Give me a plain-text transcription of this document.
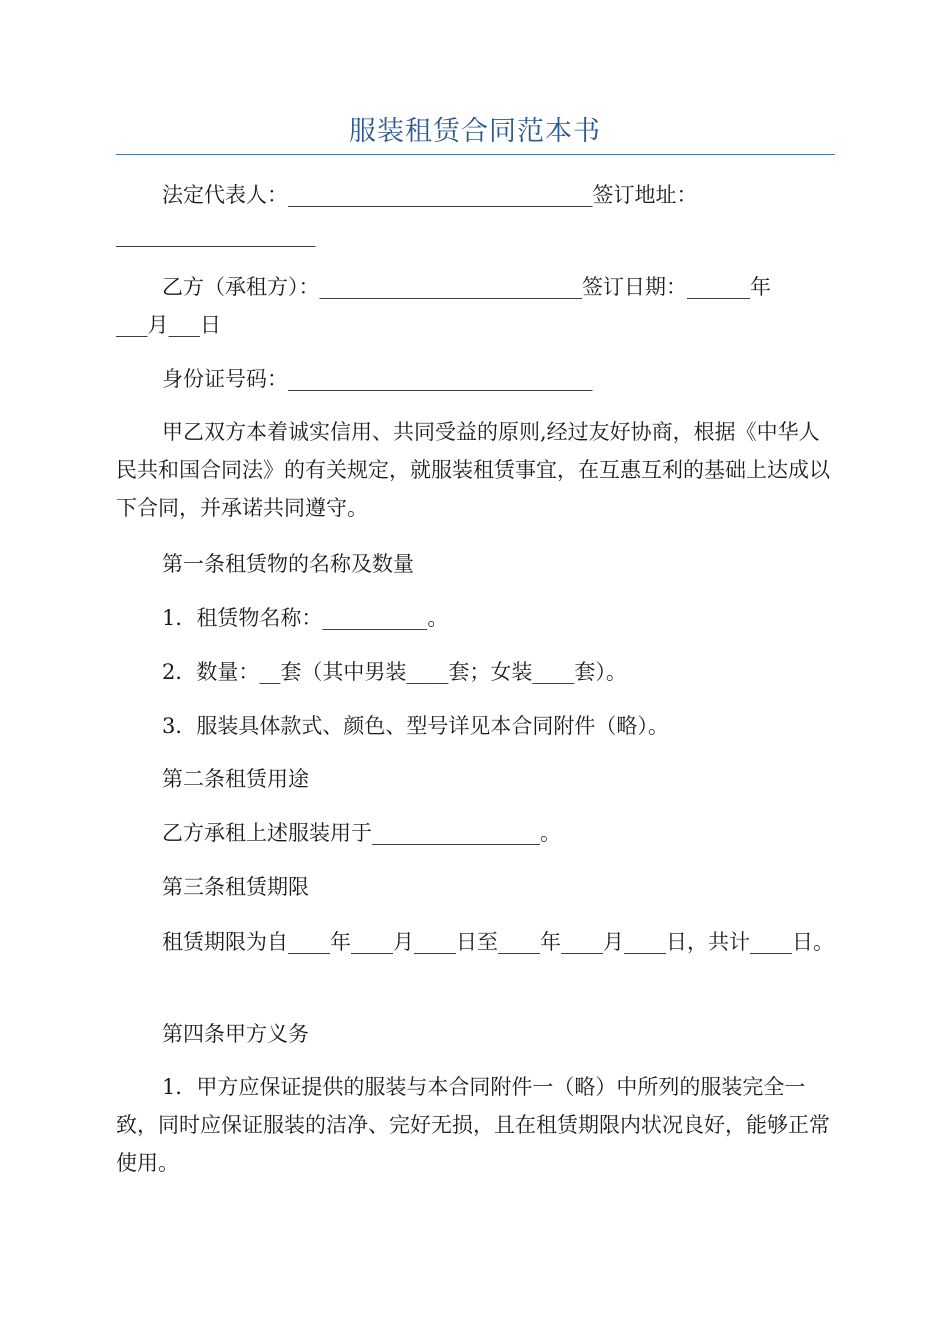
服装租赁合同范本书
法定代表人：_____________________________签订地址：
___________________
乙方（承租方）：_________________________签订日期：______年
___月___日
身份证号码：_____________________________
甲乙双方本着诚实信用、共同受益的原则,经过友好协商，根据《中华人民共和国合同法》的有关规定，就服装租赁事宜，在互惠互利的基础上达成以下合同，并承诺共同遵守。
第一条租赁物的名称及数量
1．租赁物名称：__________。
2．数量：__套（其中男装____套；女装____套）。
3．服装具体款式、颜色、型号详见本合同附件（略）。
第二条租赁用途
乙方承租上述服装用于________________。
第三条租赁期限
租赁期限为自____年____月____日至____年____月____日，共计____日。
第四条甲方义务
1．甲方应保证提供的服装与本合同附件一（略）中所列的服装完全一致，同时应保证服装的洁净、完好无损，且在租赁期限内状况良好，能够正常使用。
